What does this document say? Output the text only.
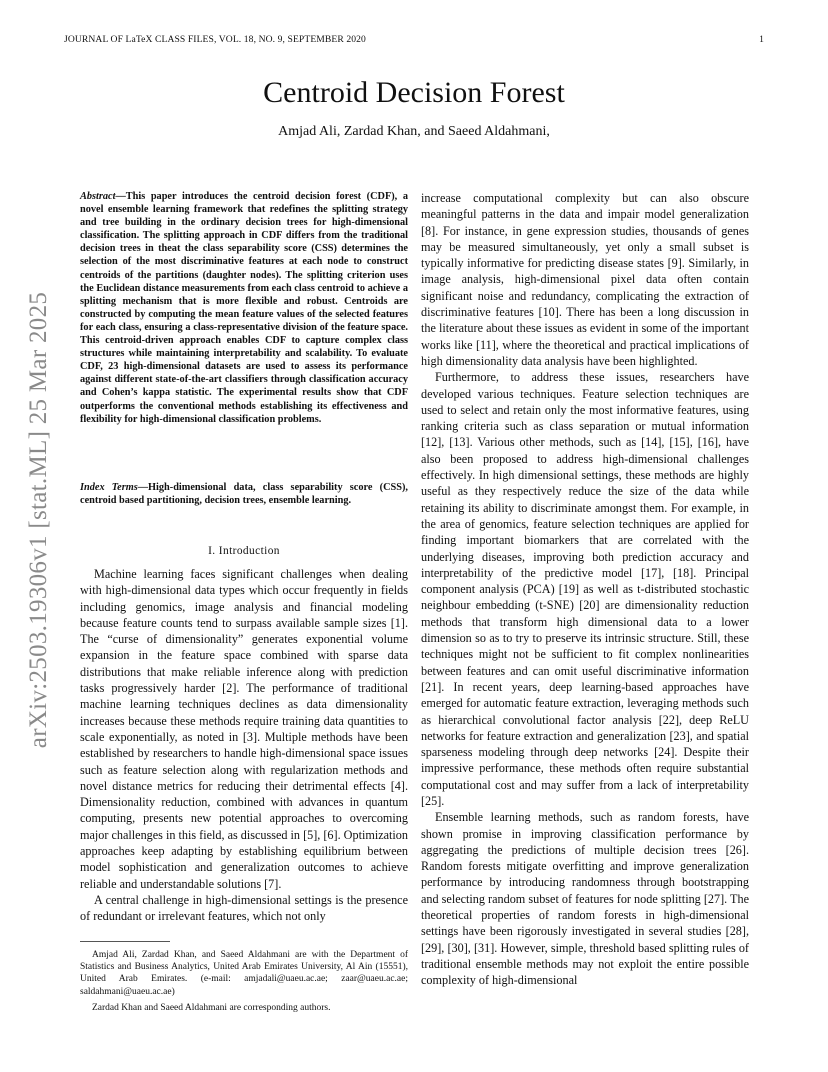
JOURNAL OF LaTeX CLASS FILES, VOL. 18, NO. 9, SEPTEMBER 2020	1
arXiv:2503.19306v1 [stat.ML] 25 Mar 2025
Centroid Decision Forest
Amjad Ali, Zardad Khan, and Saeed Aldahmani,
Abstract—This paper introduces the centroid decision forest (CDF), a novel ensemble learning framework that redefines the splitting strategy and tree building in the ordinary decision trees for high-dimensional classification. The splitting approach in CDF differs from the traditional decision trees in theat the class separability score (CSS) determines the selection of the most discriminative features at each node to construct centroids of the partitions (daughter nodes). The splitting criterion uses the Euclidean distance measurements from each class centroid to achieve a splitting mechanism that is more flexible and robust. Centroids are constructed by computing the mean feature values of the selected features for each class, ensuring a class-representative division of the feature space. This centroid-driven approach enables CDF to capture complex class structures while maintaining interpretability and scalability. To evaluate CDF, 23 high-dimensional datasets are used to assess its performance against different state-of-the-art classifiers through classification accuracy and Cohen’s kappa statistic. The experimental results show that CDF outperforms the conventional methods establishing its effectiveness and flexibility for high-dimensional classification problems.
Index Terms—High-dimensional data, class separability score (CSS), centroid based partitioning, decision trees, ensemble learning.
I. Introduction

Machine learning faces significant challenges when dealing with high-dimensional data types which occur frequently in fields including genomics, image analysis and financial modeling because feature counts tend to surpass available sample sizes [1]. The “curse of dimensionality” generates exponential volume expansion in the feature space combined with sparse data distributions that make reliable inference along with prediction tasks progressively harder [2]. The performance of traditional machine learning techniques declines as data dimensionality increases because these methods require training data quantities to scale exponentially, as noted in [3]. Multiple methods have been established by researchers to handle high-dimensional space issues such as feature selection along with regularization methods and novel distance metrics for reducing their detrimental effects [4]. Dimensionality reduction, combined with advances in quantum computing, presents new potential approaches to overcoming major challenges in this field, as discussed in [5], [6]. Optimization approaches keep adapting by establishing equilibrium between model sophistication and generalization outcomes to achieve reliable and understandable solutions [7].

A central challenge in high-dimensional settings is the presence of redundant or irrelevant features, which not only

Amjad Ali, Zardad Khan, and Saeed Aldahmani are with the Department of Statistics and Business Analytics, United Arab Emirates University, Al Ain (15551), United Arab Emirates. (e-mail: amjadali@uaeu.ac.ae; zaar@uaeu.ac.ae; saldahmani@uaeu.ac.ae)

Zardad Khan and Saeed Aldahmani are corresponding authors.

increase computational complexity but can also obscure meaningful patterns in the data and impair model generalization [8]. For instance, in gene expression studies, thousands of genes may be measured simultaneously, yet only a small subset is typically informative for predicting disease states [9]. Similarly, in image analysis, high-dimensional pixel data often contain significant noise and redundancy, complicating the extraction of discriminative features [10]. There has been a long discussion in the literature about these issues as evident in some of the important works like [11], where the theoretical and practical implications of high dimensionality data analysis have been highlighted.

Furthermore, to address these issues, researchers have developed various techniques. Feature selection techniques are used to select and retain only the most informative features, using ranking criteria such as class separation or mutual information [12], [13]. Various other methods, such as [14], [15], [16], have also been proposed to address high-dimensional challenges effectively. In high dimensional settings, these methods are highly useful as they respectively reduce the size of the data while retaining its ability to discriminate amongst them. For example, in the area of genomics, feature selection techniques are applied for finding important biomarkers that are correlated with the underlying diseases, improving both prediction accuracy and interpretability of the predictive model [17], [18]. Principal component analysis (PCA) [19] as well as t-distributed stochastic neighbour embedding (t-SNE) [20] are dimensionality reduction methods that transform high dimensional data to a lower dimension so as to try to preserve its intrinsic structure. Still, these techniques might not be sufficient to fit complex nonlinearities between features and can omit useful discriminative information [21]. In recent years, deep learning-based approaches have emerged for automatic feature extraction, leveraging methods such as hierarchical convolutional factor analysis [22], deep ReLU networks for feature extraction and generalization [23], and spatial sparseness modeling through deep networks [24]. Despite their impressive performance, these methods often require substantial computational cost and may suffer from a lack of interpretability [25].

Ensemble learning methods, such as random forests, have shown promise in improving classification performance by aggregating the predictions of multiple decision trees [26]. Random forests mitigate overfitting and improve generalization performance by introducing randomness through bootstrapping and selecting random subset of features for node splitting [27]. The theoretical properties of random forests in high-dimensional settings have been rigorously investigated in several studies [28], [29], [30], [31]. However, simple, threshold based splitting rules of traditional ensemble methods may not exploit the entire possible complexity of high-dimensional
